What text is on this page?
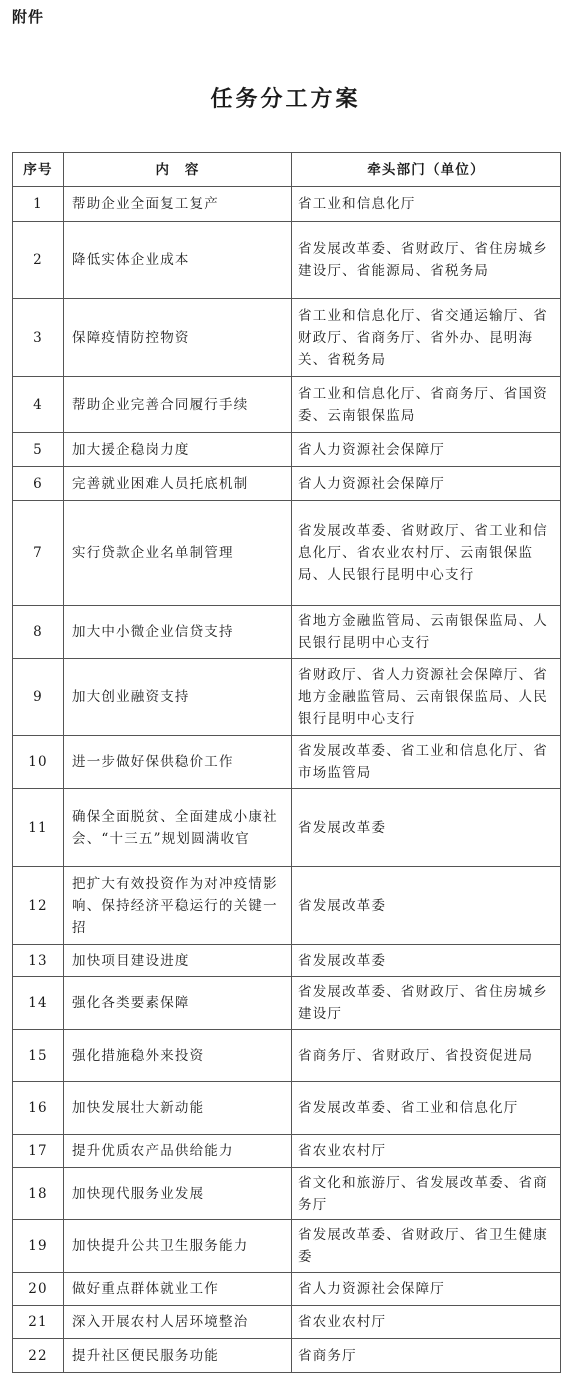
附件
任务分工方案
序号	内　容	牵头部门（单位）
1	帮助企业全面复工复产	省工业和信息化厅
2	降低实体企业成本	省发展改革委、省财政厅、省住房城乡建设厅、省能源局、省税务局
3	保障疫情防控物资	省工业和信息化厅、省交通运输厅、省财政厅、省商务厅、省外办、昆明海关、省税务局
4	帮助企业完善合同履行手续	省工业和信息化厅、省商务厅、省国资委、云南银保监局
5	加大援企稳岗力度	省人力资源社会保障厅
6	完善就业困难人员托底机制	省人力资源社会保障厅
7	实行贷款企业名单制管理	省发展改革委、省财政厅、省工业和信息化厅、省农业农村厅、云南银保监局、人民银行昆明中心支行
8	加大中小微企业信贷支持	省地方金融监管局、云南银保监局、人民银行昆明中心支行
9	加大创业融资支持	省财政厅、省人力资源社会保障厅、省地方金融监管局、云南银保监局、人民银行昆明中心支行
10	进一步做好保供稳价工作	省发展改革委、省工业和信息化厅、省市场监管局
11	确保全面脱贫、全面建成小康社会、“十三五”规划圆满收官	省发展改革委
12	把扩大有效投资作为对冲疫情影响、保持经济平稳运行的关键一招	省发展改革委
13	加快项目建设进度	省发展改革委
14	强化各类要素保障	省发展改革委、省财政厅、省住房城乡建设厅
15	强化措施稳外来投资	省商务厅、省财政厅、省投资促进局
16	加快发展壮大新动能	省发展改革委、省工业和信息化厅
17	提升优质农产品供给能力	省农业农村厅
18	加快现代服务业发展	省文化和旅游厅、省发展改革委、省商务厅
19	加快提升公共卫生服务能力	省发展改革委、省财政厅、省卫生健康委
20	做好重点群体就业工作	省人力资源社会保障厅
21	深入开展农村人居环境整治	省农业农村厅
22	提升社区便民服务功能	省商务厅
